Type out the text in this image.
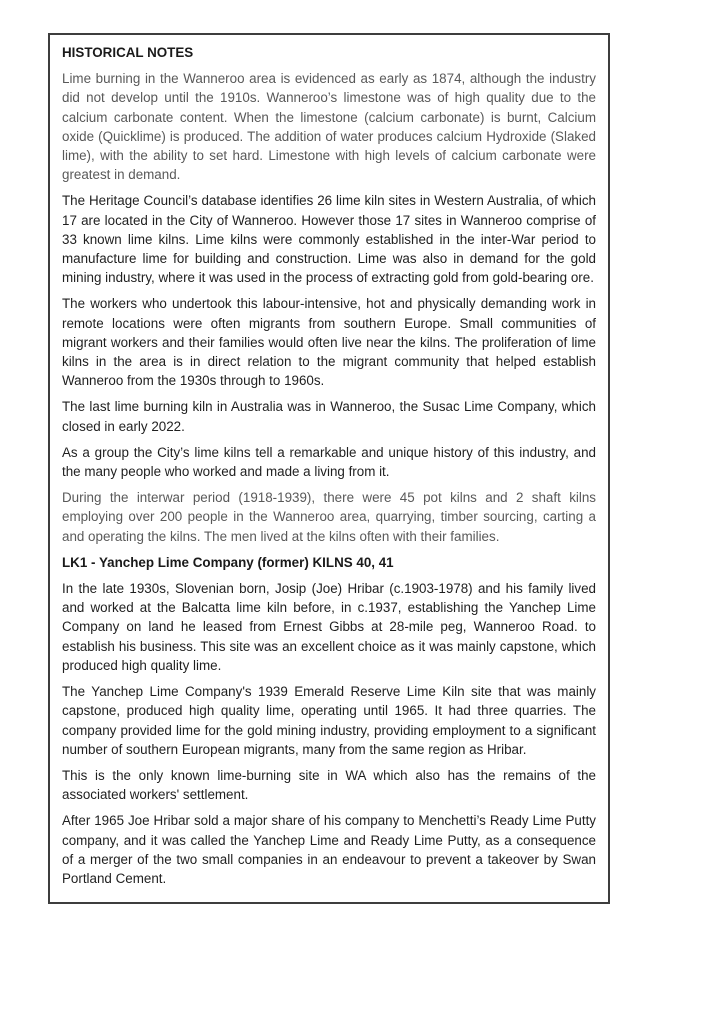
HISTORICAL NOTES

Lime burning in the Wanneroo area is evidenced as early as 1874, although the industry did not develop until the 1910s. Wanneroo’s limestone was of high quality due to the calcium carbonate content. When the limestone (calcium carbonate) is burnt, Calcium oxide (Quicklime) is produced. The addition of water produces calcium Hydroxide (Slaked lime), with the ability to set hard. Limestone with high levels of calcium carbonate were greatest in demand.

The Heritage Council’s database identifies 26 lime kiln sites in Western Australia, of which 17 are located in the City of Wanneroo. However those 17 sites in Wanneroo comprise of 33 known lime kilns. Lime kilns were commonly established in the inter-War period to manufacture lime for building and construction. Lime was also in demand for the gold mining industry, where it was used in the process of extracting gold from gold-bearing ore.

The workers who undertook this labour-intensive, hot and physically demanding work in remote locations were often migrants from southern Europe. Small communities of migrant workers and their families would often live near the kilns. The proliferation of lime kilns in the area is in direct relation to the migrant community that helped establish Wanneroo from the 1930s through to 1960s.

The last lime burning kiln in Australia was in Wanneroo, the Susac Lime Company, which closed in early 2022.

As a group the City’s lime kilns tell a remarkable and unique history of this industry, and the many people who worked and made a living from it.

During the interwar period (1918-1939), there were 45 pot kilns and 2 shaft kilns employing over 200 people in the Wanneroo area, quarrying, timber sourcing, carting a and operating the kilns. The men lived at the kilns often with their families.

LK1 - Yanchep Lime Company (former) KILNS 40, 41

In the late 1930s, Slovenian born, Josip (Joe) Hribar (c.1903-1978) and his family lived and worked at the Balcatta lime kiln before, in c.1937, establishing the Yanchep Lime Company on land he leased from Ernest Gibbs at 28-mile peg, Wanneroo Road. to establish his business. This site was an excellent choice as it was mainly capstone, which produced high quality lime.

The Yanchep Lime Company's 1939 Emerald Reserve Lime Kiln site that was mainly capstone, produced high quality lime, operating until 1965. It had three quarries. The company provided lime for the gold mining industry, providing employment to a significant number of southern European migrants, many from the same region as Hribar.

This is the only known lime-burning site in WA which also has the remains of the associated workers' settlement.

After 1965 Joe Hribar sold a major share of his company to Menchetti’s Ready Lime Putty company, and it was called the Yanchep Lime and Ready Lime Putty, as a consequence of a merger of the two small companies in an endeavour to prevent a takeover by Swan Portland Cement.
